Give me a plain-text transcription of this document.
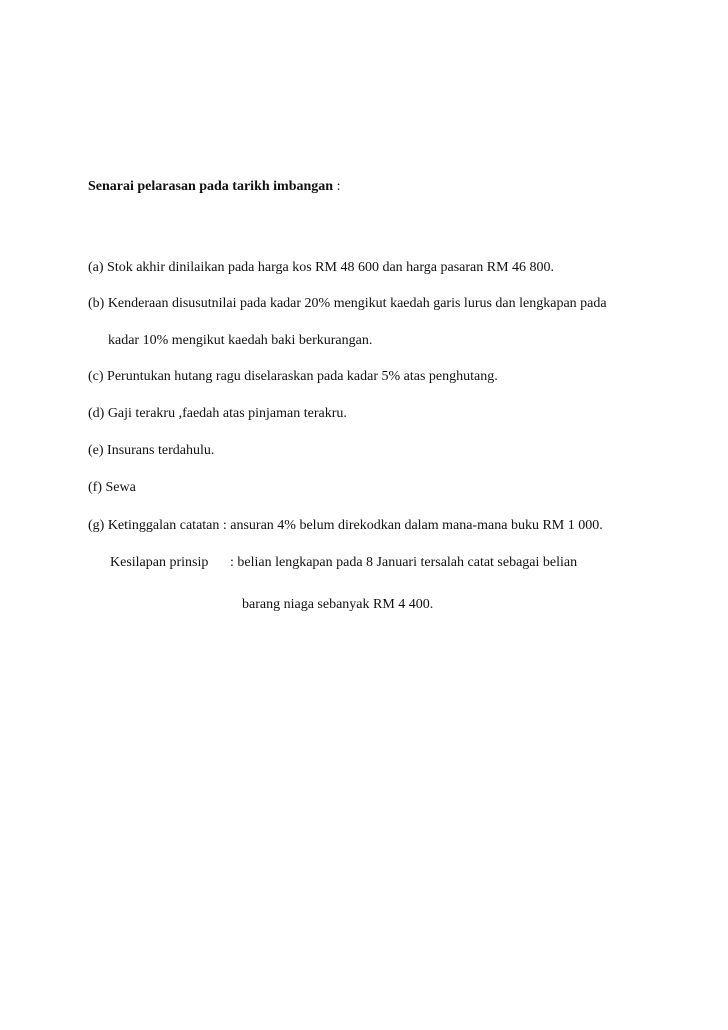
Senarai pelarasan pada tarikh imbangan :
(a) Stok akhir dinilaikan pada harga kos RM 48 600 dan harga pasaran RM 46 800.
(b) Kenderaan disusutnilai pada kadar 20% mengikut kaedah garis lurus dan lengkapan pada
kadar 10% mengikut kaedah baki berkurangan.
(c) Peruntukan hutang ragu diselaraskan pada kadar 5% atas penghutang.
(d) Gaji terakru ,faedah atas pinjaman terakru.
(e) Insurans terdahulu.
(f) Sewa
(g) Ketinggalan catatan : ansuran 4% belum direkodkan dalam mana-mana buku RM 1 000.
Kesilapan prinsip : belian lengkapan pada 8 Januari tersalah catat sebagai belian
barang niaga sebanyak RM 4 400.
